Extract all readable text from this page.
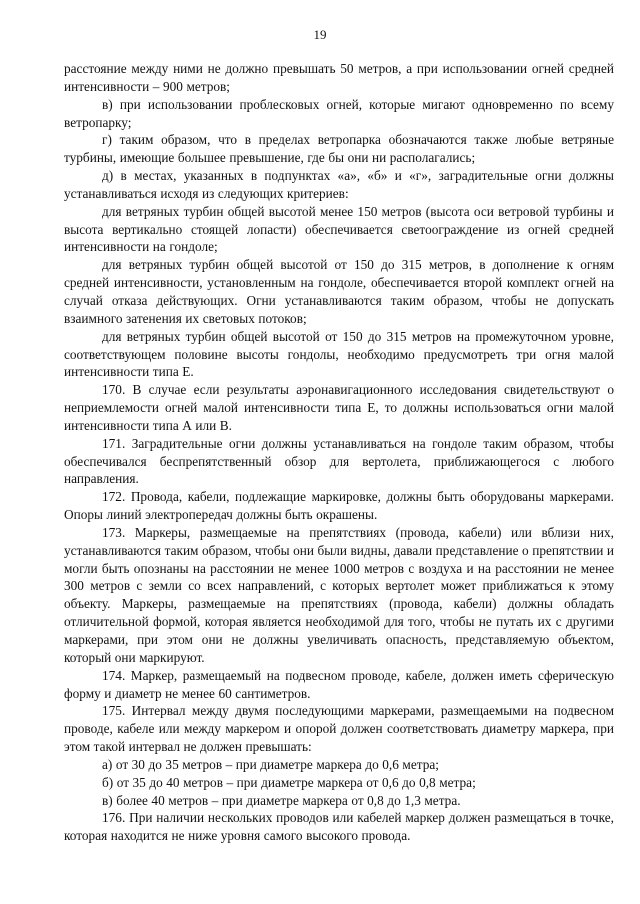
19

расстояние между ними не должно превышать 50 метров, а при использовании огней средней интенсивности – 900 метров;

в) при использовании проблесковых огней, которые мигают одновременно по всему ветропарку;

г) таким образом, что в пределах ветропарка обозначаются также любые ветряные турбины, имеющие большее превышение, где бы они ни располагались;

д) в местах, указанных в подпунктах «а», «б» и «г», заградительные огни должны устанавливаться исходя из следующих критериев:

для ветряных турбин общей высотой менее 150 метров (высота оси ветровой турбины и высота вертикально стоящей лопасти) обеспечивается светоограждение из огней средней интенсивности на гондоле;

для ветряных турбин общей высотой от 150 до 315 метров, в дополнение к огням средней интенсивности, установленным на гондоле, обеспечивается второй комплект огней на случай отказа действующих. Огни устанавливаются таким образом, чтобы не допускать взаимного затенения их световых потоков;

для ветряных турбин общей высотой от 150 до 315 метров на промежуточном уровне, соответствующем половине высоты гондолы, необходимо предусмотреть три огня малой интенсивности типа Е.

170. В случае если результаты аэронавигационного исследования свидетельствуют о неприемлемости огней малой интенсивности типа Е, то должны использоваться огни малой интенсивности типа А или В.

171. Заградительные огни должны устанавливаться на гондоле таким образом, чтобы обеспечивался беспрепятственный обзор для вертолета, приближающегося с любого направления.

172. Провода, кабели, подлежащие маркировке, должны быть оборудованы маркерами. Опоры линий электропередач должны быть окрашены.

173. Маркеры, размещаемые на препятствиях (провода, кабели) или вблизи них, устанавливаются таким образом, чтобы они были видны, давали представление о препятствии и могли быть опознаны на расстоянии не менее 1000 метров с воздуха и на расстоянии не менее 300 метров с земли со всех направлений, с которых вертолет может приближаться к этому объекту. Маркеры, размещаемые на препятствиях (провода, кабели) должны обладать отличительной формой, которая является необходимой для того, чтобы не путать их с другими маркерами, при этом они не должны увеличивать опасность, представляемую объектом, который они маркируют.

174. Маркер, размещаемый на подвесном проводе, кабеле, должен иметь сферическую форму и диаметр не менее 60 сантиметров.

175. Интервал между двумя последующими маркерами, размещаемыми на подвесном проводе, кабеле или между маркером и опорой должен соответствовать диаметру маркера, при этом такой интервал не должен превышать:

а) от 30 до 35 метров – при диаметре маркера до 0,6 метра;

б) от 35 до 40 метров – при диаметре маркера от 0,6 до 0,8 метра;

в) более 40 метров – при диаметре маркера от 0,8 до 1,3 метра.

176. При наличии нескольких проводов или кабелей маркер должен размещаться в точке, которая находится не ниже уровня самого высокого провода.
